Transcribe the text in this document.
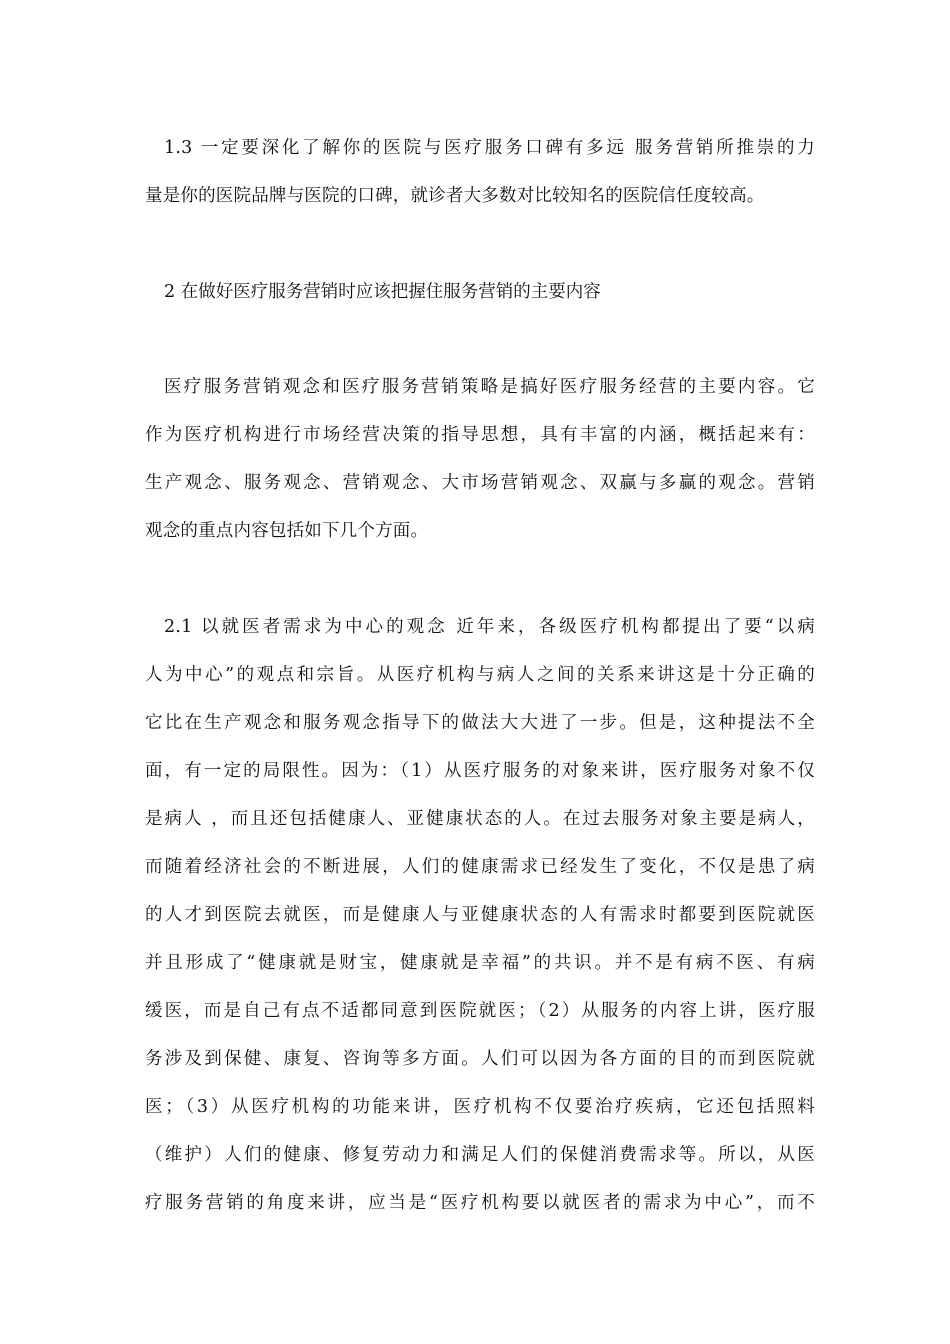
1.3 一定要深化了解你的医院与医疗服务口碑有多远 服务营销所推崇的力
量是你的医院品牌与医院的口碑，就诊者大多数对比较知名的医院信任度较高。
2 在做好医疗服务营销时应该把握住服务营销的主要内容
医疗服务营销观念和医疗服务营销策略是搞好医疗服务经营的主要内容。它
作为医疗机构进行市场经营决策的指导思想，具有丰富的内涵，概括起来有：
生产观念、服务观念、营销观念、大市场营销观念、双赢与多赢的观念。营销
观念的重点内容包括如下几个方面。
2.1 以就医者需求为中心的观念 近年来，各级医疗机构都提出了要“以病
人为中心”的观点和宗旨。从医疗机构与病人之间的关系来讲这是十分正确的
它比在生产观念和服务观念指导下的做法大大进了一步。但是，这种提法不全
面，有一定的局限性。因为：（1）从医疗服务的对象来讲，医疗服务对象不仅
是病人 ，而且还包括健康人、亚健康状态的人。在过去服务对象主要是病人，
而随着经济社会的不断进展，人们的健康需求已经发生了变化，不仅是患了病
的人才到医院去就医，而是健康人与亚健康状态的人有需求时都要到医院就医
并且形成了“健康就是财宝，健康就是幸福”的共识。并不是有病不医、有病
缓医，而是自己有点不适都同意到医院就医；（2）从服务的内容上讲，医疗服
务涉及到保健、康复、咨询等多方面。人们可以因为各方面的目的而到医院就
医；（3）从医疗机构的功能来讲，医疗机构不仅要治疗疾病，它还包括照料
（维护）人们的健康、修复劳动力和满足人们的保健消费需求等。所以，从医
疗服务营销的角度来讲，应当是“医疗机构要以就医者的需求为中心”，而不
